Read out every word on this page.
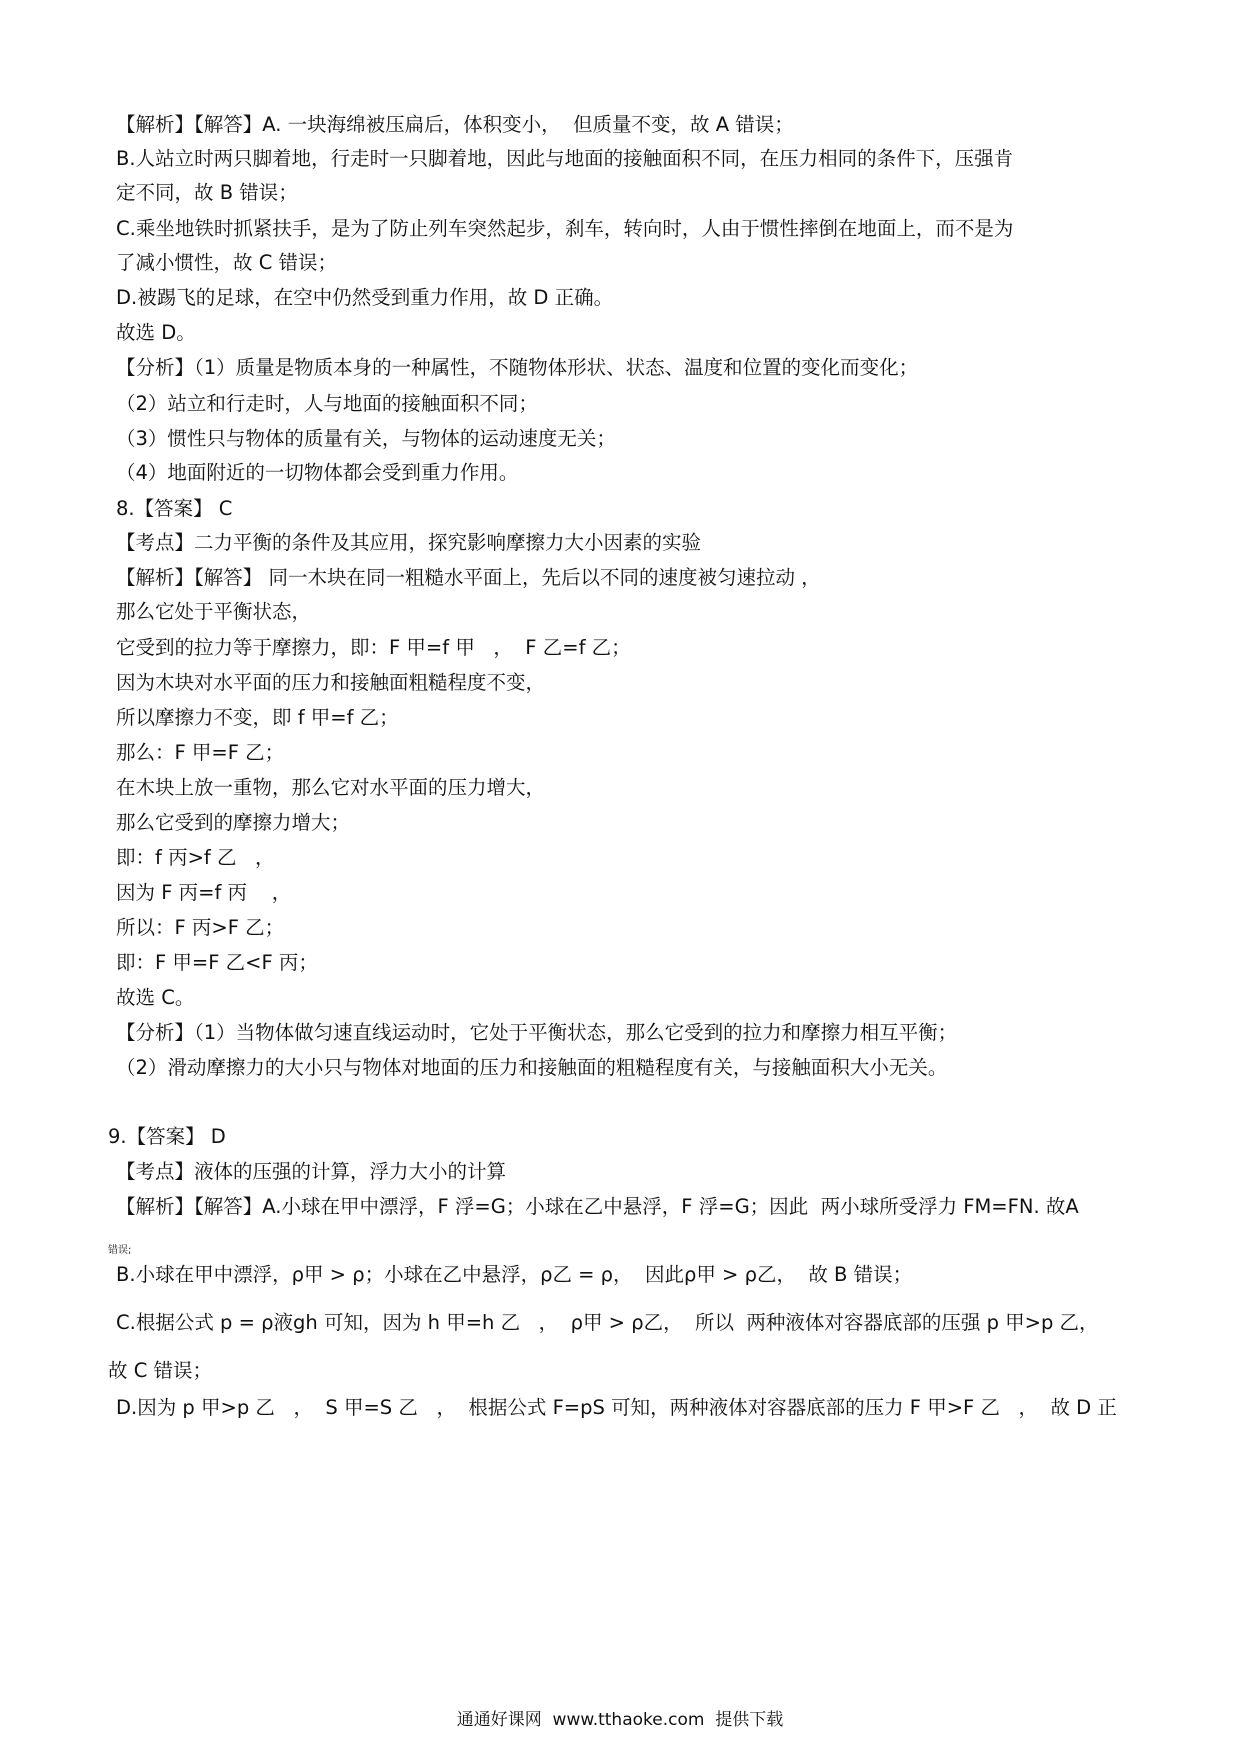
【解析】【解答】A. 一块海绵被压扁后，体积变小，  但质量不变，故 A 错误；
B.人站立时两只脚着地，行走时一只脚着地，因此与地面的接触面积不同，在压力相同的条件下，压强肯
定不同，故 B 错误；
C.乘坐地铁时抓紧扶手，是为了防止列车突然起步，刹车，转向时，人由于惯性摔倒在地面上，而不是为
了减小惯性，故 C 错误；
D.被踢飞的足球，在空中仍然受到重力作用，故 D 正确。
故选 D。
【分析】（1）质量是物质本身的一种属性，不随物体形状、状态、温度和位置的变化而变化；
（2）站立和行走时，人与地面的接触面积不同；
（3）惯性只与物体的质量有关，与物体的运动速度无关；
（4）地面附近的一切物体都会受到重力作用。
8.【答案】 C
【考点】二力平衡的条件及其应用，探究影响摩擦力大小因素的实验
【解析】【解答】 同一木块在同一粗糙水平面上，先后以不同的速度被匀速拉动 ，
那么它处于平衡状态，
它受到的拉力等于摩擦力，即：F 甲=f 甲   ，  F 乙=f 乙；
因为木块对水平面的压力和接触面粗糙程度不变，
所以摩擦力不变，即 f 甲=f 乙；
那么：F 甲=F 乙；
在木块上放一重物，那么它对水平面的压力增大，
那么它受到的摩擦力增大；
即：f 丙>f 乙   ，
因为 F 丙=f 丙    ，
所以：F 丙>F 乙；
即：F 甲=F 乙<F 丙；
故选 C。
【分析】（1）当物体做匀速直线运动时，它处于平衡状态，那么它受到的拉力和摩擦力相互平衡；
（2）滑动摩擦力的大小只与物体对地面的压力和接触面的粗糙程度有关，与接触面积大小无关。
9.【答案】 D
【考点】液体的压强的计算，浮力大小的计算
【解析】【解答】A.小球在甲中漂浮，F 浮=G；小球在乙中悬浮，F 浮=G；因此  两小球所受浮力 FM=FN. 故A
错误;
B.小球在甲中漂浮，ρ甲 > ρ；小球在乙中悬浮，ρ乙 = ρ，  因此ρ甲 > ρ乙，  故 B 错误；
C.根据公式 p = ρ液gh 可知，因为 h 甲=h 乙   ，  ρ甲 > ρ乙，  所以  两种液体对容器底部的压强 p 甲>p 乙，
故 C 错误；
D.因为 p 甲>p 乙   ，  S 甲=S 乙   ，  根据公式 F=pS 可知，两种液体对容器底部的压力 F 甲>F 乙   ，  故 D 正
通通好课网  www.tthaoke.com  提供下载
